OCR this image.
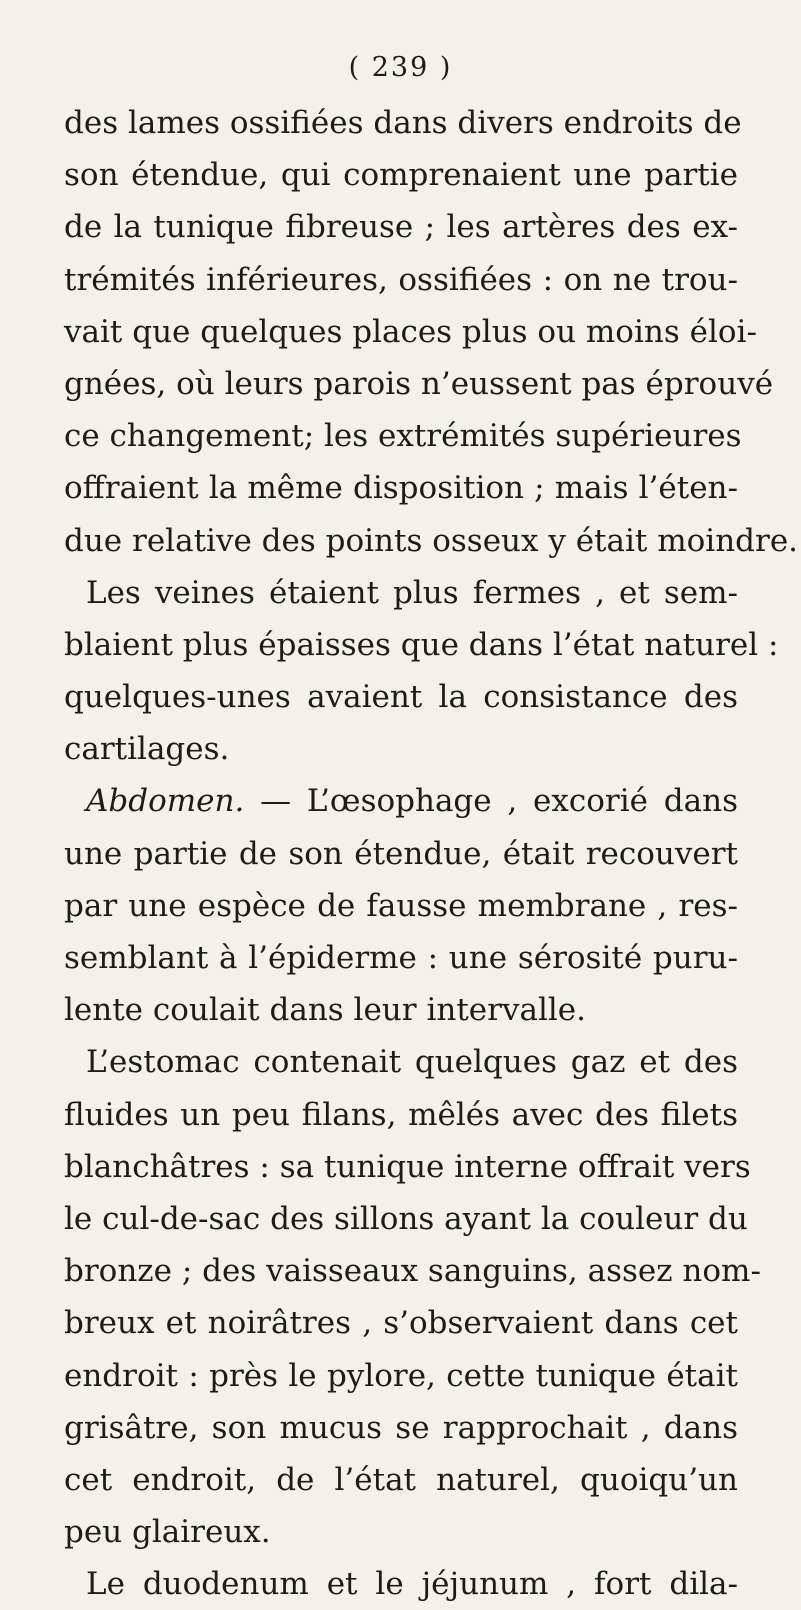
( 239 )
des lames ossifiées dans divers endroits de
son étendue, qui comprenaient une partie
de la tunique fibreuse ; les artères des ex-
trémités inférieures, ossifiées : on ne trou-
vait que quelques places plus ou moins éloi-
gnées, où leurs parois n’eussent pas éprouvé
ce changement; les extrémités supérieures
offraient la même disposition ; mais l’éten-
due relative des points osseux y était moindre.
Les veines étaient plus fermes , et sem-
blaient plus épaisses que dans l’état naturel :
quelques-unes avaient la consistance des
cartilages.
Abdomen. — L’œsophage , excorié dans
une partie de son étendue, était recouvert
par une espèce de fausse membrane , res-
semblant à l’épiderme : une sérosité puru-
lente coulait dans leur intervalle.
L’estomac contenait quelques gaz et des
fluides un peu filans, mêlés avec des filets
blanchâtres : sa tunique interne offrait vers
le cul-de-sac des sillons ayant la couleur du
bronze ; des vaisseaux sanguins, assez nom-
breux et noirâtres , s’observaient dans cet
endroit : près le pylore, cette tunique était
grisâtre, son mucus se rapprochait , dans
cet endroit, de l’état naturel, quoiqu’un
peu glaireux.
Le duodenum et le jéjunum , fort dila-
